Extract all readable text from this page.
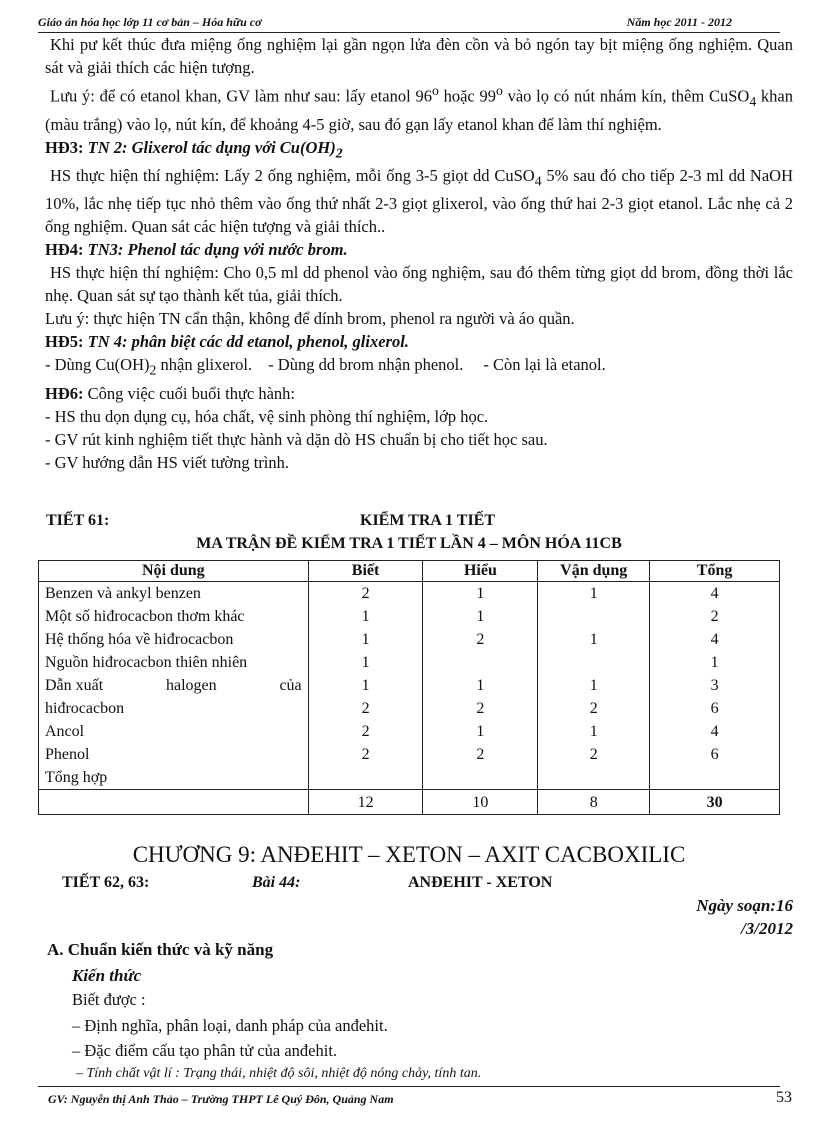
Giáo án hóa học lớp 11 cơ bản – Hóa hữu cơ	Năm học 2011 - 2012

Khi pư kết thúc đưa miệng ống nghiệm lại gần ngọn lửa đèn cồn và bỏ ngón tay bịt miệng ống nghiệm. Quan sát và giải thích các hiện tượng.

Lưu ý: để có etanol khan, GV làm như sau: lấy etanol 96$^o$ hoặc 99$^o$ vào lọ có nút nhám kín, thêm CuSO$_4$ khan (màu trắng) vào lọ, nút kín, để khoảng 4-5 giờ, sau đó gạn lấy etanol khan để làm thí nghiệm.

HĐ3: TN 2: Glixerol tác dụng với $Cu(OH)_2$

HS thực hiện thí nghiệm: Lấy 2 ống nghiệm, mỗi ống 3-5 giọt dd CuSO$_4$ 5% sau đó cho tiếp 2-3 ml dd NaOH 10%, lắc nhẹ tiếp tục nhỏ thêm vào ống thứ nhất 2-3 giọt glixerol, vào ống thứ hai 2-3 giọt etanol. Lắc nhẹ cả 2 ống nghiệm. Quan sát các hiện tượng và giải thích..

HĐ4: TN3: Phenol tác dụng với nước brom.

HS thực hiện thí nghiệm: Cho 0,5 ml dd phenol vào ống nghiệm, sau đó thêm từng giọt dd brom, đồng thời lắc nhẹ. Quan sát sự tạo thành kết tủa, giải thích.

Lưu ý: thực hiện TN cẩn thận, không để dính brom, phenol ra người và áo quần.

HĐ5: TN 4: phân biệt các dd etanol, phenol, glixerol.

- Dùng $Cu(OH)_2$ nhận glixerol. - Dùng dd brom nhận phenol. - Còn lại là etanol.

HĐ6: Công việc cuối buổi thực hành:

- HS thu dọn dụng cụ, hóa chất, vệ sinh phòng thí nghiệm, lớp học.

- GV rút kinh nghiệm tiết thực hành và dặn dò HS chuẩn bị cho tiết học sau.

- GV hướng dẫn HS viết tường trình.

TIẾT 61:	KIỂM TRA 1 TIẾT
MA TRẬN ĐỀ KIỂM TRA 1 TIẾT LẦN 4 – MÔN HÓA 11CB
Nội dung	Biết	Hiểu	Vận dụng	Tổng
Benzen và ankyl benzen	2	1	1	4
Một số hiđrocacbon thơm khác	1	1		2
Hệ thống hóa về hiđrocacbon	1	2	1	4
Nguồn hiđrocacbon thiên nhiên	1			1

Dẫn xuất halogen của	1	1	1	3
hiđrocacbon	2	2	2	6
Ancol	2	1	1	4
Phenol	2	2	2	6
Tổng hợp				
	12	10	8	30
CHƯƠNG 9: ANĐEHIT – XETON – AXIT CACBOXILIC
TIẾT 62, 63:	Bài 44:	ANĐEHIT - XETON
Ngày soạn:16
/3/2012
A. Chuẩn kiến thức và kỹ năng
Kiến thức
Biết được :
– Định nghĩa, phân loại, danh pháp của anđehit.
– Đặc điểm cấu tạo phân tử của anđehit.
– Tính chất vật lí : Trạng thái, nhiệt độ sôi, nhiệt độ nóng chảy, tính tan.
GV: Nguyễn thị Anh Thảo – Trường THPT Lê Quý Đôn, Quảng Nam	53
